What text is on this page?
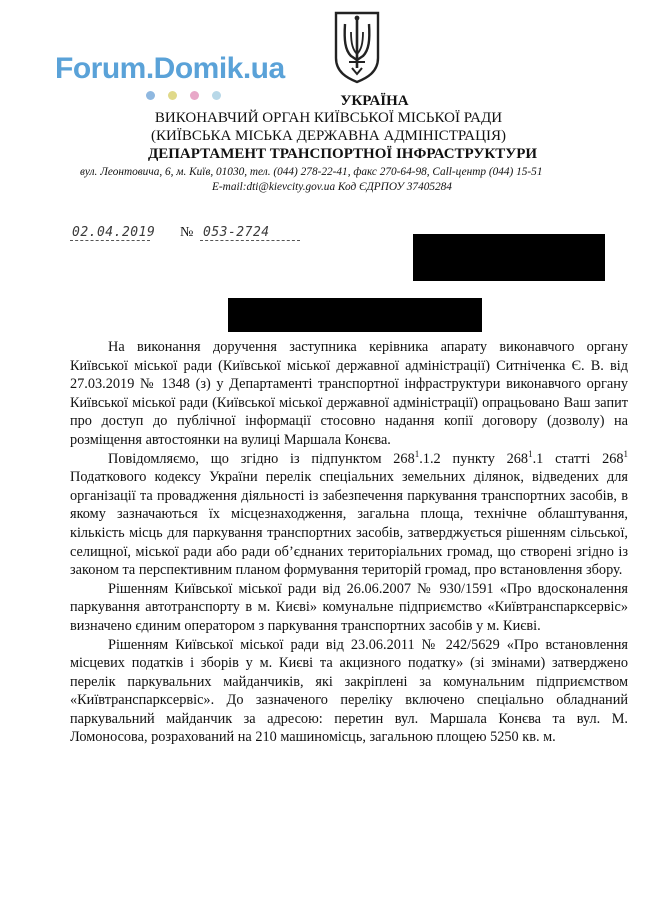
Forum.Domik.ua
УКРАЇНА
ВИКОНАВЧИЙ ОРГАН КИЇВСЬКОЇ МІСЬКОЇ РАДИ
(КИЇВСЬКА МІСЬКА ДЕРЖАВНА АДМІНІСТРАЦІЯ)
ДЕПАРТАМЕНТ ТРАНСПОРТНОЇ ІНФРАСТРУКТУРИ
вул. Леонтовича, 6, м. Київ, 01030, тел. (044) 278-22-41, факс 270-64-98, Call-центр (044) 15-51
E-mail:dti@kievcity.gov.ua Код ЄДРПОУ 37405284
02.04.2019 № 053-2724

На виконання доручення заступника керівника апарату виконавчого органу Київської міської ради (Київської міської державної адміністрації) Ситніченка Є. В. від 27.03.2019 № 1348 (з) у Департаменті транспортної інфраструктури виконавчого органу Київської міської ради (Київської міської державної адміністрації) опрацьовано Ваш запит про доступ до публічної інформації стосовно надання копії договору (дозволу) на розміщення автостоянки на вулиці Маршала Конєва.

Повідомляємо, що згідно із підпунктом $268^1.1.2$ пункту $268^1.1$ статті $268^1$ Податкового кодексу України перелік спеціальних земельних ділянок, відведених для організації та провадження діяльності із забезпечення паркування транспортних засобів, в якому зазначаються їх місцезнаходження, загальна площа, технічне облаштування, кількість місць для паркування транспортних засобів, затверджується рішенням сільської, селищної, міської ради або ради об’єднаних територіальних громад, що створені згідно із законом та перспективним планом формування територій громад, про встановлення збору.

Рішенням Київської міської ради від 26.06.2007 № 930/1591 «Про вдосконалення паркування автотранспорту в м. Києві» комунальне підприємство «Київтранспарксервіс» визначено єдиним оператором з паркування транспортних засобів у м. Києві.

Рішенням Київської міської ради від 23.06.2011 № 242/5629 «Про встановлення місцевих податків і зборів у м. Києві та акцизного податку» (зі змінами) затверджено перелік паркувальних майданчиків, які закріплені за комунальним підприємством «Київтранспарксервіс». До зазначеного переліку включено спеціально обладнаний паркувальний майданчик за адресою: перетин вул. Маршала Конєва та вул. М. Ломоносова, розрахований на 210 машиномісць, загальною площею 5250 кв. м.
